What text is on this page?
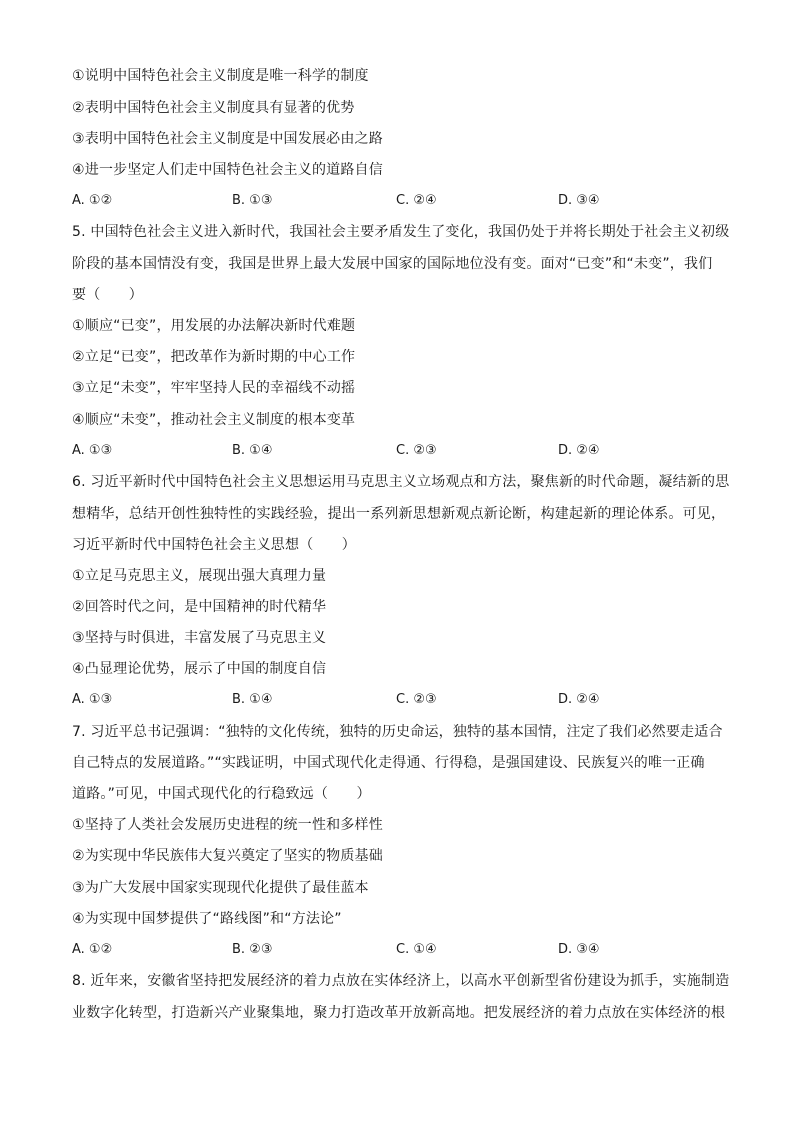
①说明中国特色社会主义制度是唯一科学的制度
②表明中国特色社会主义制度具有显著的优势
③表明中国特色社会主义制度是中国发展必由之路
④进一步坚定人们走中国特色社会主义的道路自信
A. ①②	B. ①③	C. ②④	D. ③④
5. 中国特色社会主义进入新时代，我国社会主要矛盾发生了变化，我国仍处于并将长期处于社会主义初级
阶段的基本国情没有变，我国是世界上最大发展中国家的国际地位没有变。面对“已变”和“未变”，我们
要（　　）
①顺应“已变”，用发展的办法解决新时代难题
②立足“已变”，把改革作为新时期的中心工作
③立足“未变”，牢牢坚持人民的幸福线不动摇
④顺应“未变”，推动社会主义制度的根本变革
A. ①③	B. ①④	C. ②③	D. ②④
6. 习近平新时代中国特色社会主义思想运用马克思主义立场观点和方法，聚焦新的时代命题，凝结新的思
想精华，总结开创性独特性的实践经验，提出一系列新思想新观点新论断，构建起新的理论体系。可见，
习近平新时代中国特色社会主义思想（　　）
①立足马克思主义，展现出强大真理力量
②回答时代之问，是中国精神的时代精华
③坚持与时俱进，丰富发展了马克思主义
④凸显理论优势，展示了中国的制度自信
A. ①③	B. ①④	C. ②③	D. ②④
7. 习近平总书记强调：“独特的文化传统，独特的历史命运，独特的基本国情，注定了我们必然要走适合
自己特点的发展道路。”“实践证明，中国式现代化走得通、行得稳，是强国建设、民族复兴的唯一正确
道路。”可见，中国式现代化的行稳致远（　　）
①坚持了人类社会发展历史进程的统一性和多样性
②为实现中华民族伟大复兴奠定了坚实的物质基础
③为广大发展中国家实现现代化提供了最佳蓝本
④为实现中国梦提供了“路线图”和“方法论”
A. ①②	B. ②③	C. ①④	D. ③④
8. 近年来，安徽省坚持把发展经济的着力点放在实体经济上，以高水平创新型省份建设为抓手，实施制造
业数字化转型，打造新兴产业聚集地，聚力打造改革开放新高地。把发展经济的着力点放在实体经济的根
